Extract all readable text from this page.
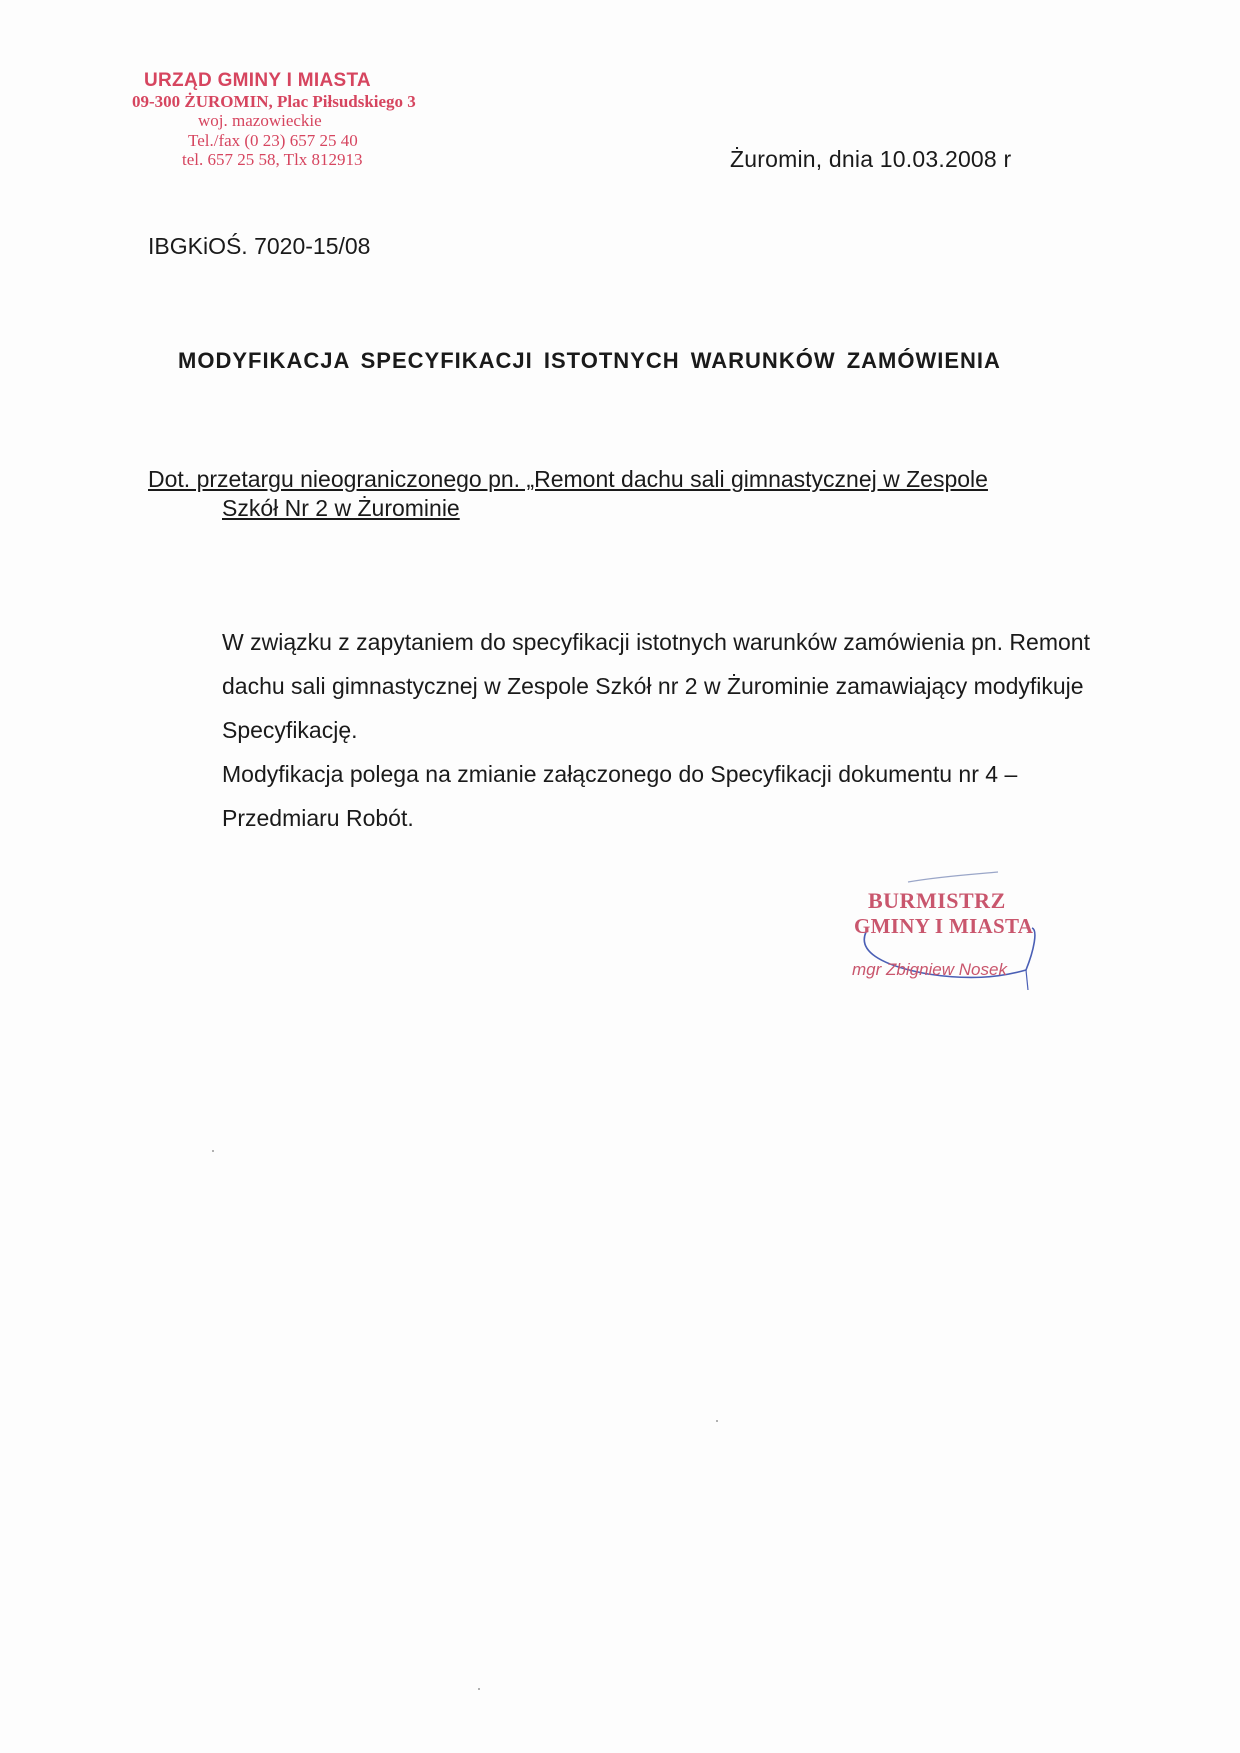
URZĄD GMINY I MIASTA
09-300 ŻUROMIN, Plac Piłsudskiego 3
woj. mazowieckie
Tel./fax (0 23) 657 25 40
tel. 657 25 58, Tlx 812913	Żuromin, dnia 10.03.2008 r
IBGKiOŚ. 7020-15/08
MODYFIKACJA SPECYFIKACJI ISTOTNYCH WARUNKÓW ZAMÓWIENIA
Dot. przetargu nieograniczonego pn. „Remont dachu sali gimnastycznej w Zespole
Szkół Nr 2 w Żurominie

W związku z zapytaniem do specyfikacji istotnych warunków zamówienia pn. Remont dachu sali gimnastycznej w Zespole Szkół nr 2 w Żurominie zamawiający modyfikuje Specyfikację.

Modyfikacja polega na zmianie załączonego do Specyfikacji dokumentu nr 4 – Przedmiaru Robót.

BURMISTRZ
GMINY I MIASTA
mgr Zbigniew Nosek
